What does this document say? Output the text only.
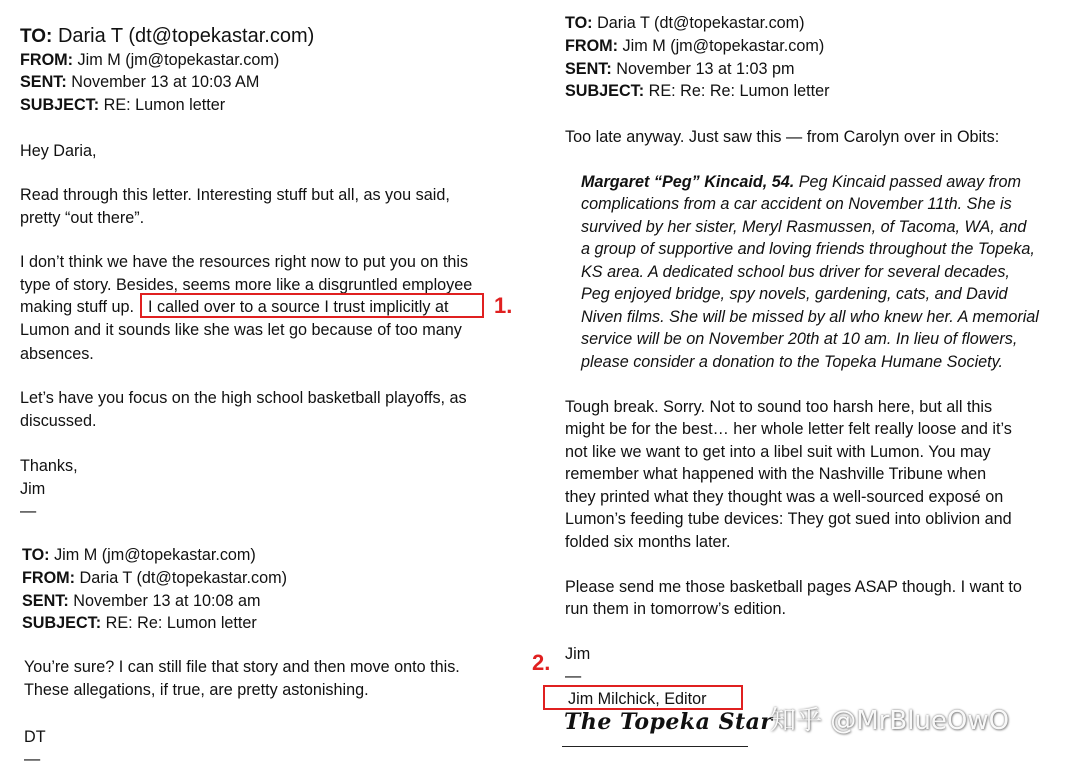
TO: Daria T (dt@topekastar.com)
FROM: Jim M (jm@topekastar.com)
SENT: November 13 at 10:03 AM
SUBJECT: RE: Lumon letter
Hey Daria,
Read through this letter. Interesting stuff but all, as you said,
pretty “out there”.
I don’t think we have the resources right now to put you on this
type of story. Besides, seems more like a disgruntled employee
making stuff up. I called over to a source I trust implicitly at 1.
Lumon and it sounds like she was let go because of too many
absences.
Let’s have you focus on the high school basketball playoffs, as
discussed.
Thanks,
Jim
—
TO: Jim M (jm@topekastar.com)
FROM: Daria T (dt@topekastar.com)
SENT: November 13 at 10:08 am
SUBJECT: RE: Re: Lumon letter
You’re sure? I can still file that story and then move onto this.
These allegations, if true, are pretty astonishing.
DT
—
TO: Daria T (dt@topekastar.com)
FROM: Jim M (jm@topekastar.com)
SENT: November 13 at 1:03 pm
SUBJECT: RE: Re: Re: Lumon letter
Too late anyway. Just saw this — from Carolyn over in Obits:
Margaret “Peg” Kincaid, 54. Peg Kincaid passed away from
complications from a car accident on November 11th. She is
survived by her sister, Meryl Rasmussen, of Tacoma, WA, and
a group of supportive and loving friends throughout the Topeka,
KS area. A dedicated school bus driver for several decades,
Peg enjoyed bridge, spy novels, gardening, cats, and David
Niven films. She will be missed by all who knew her. A memorial
service will be on November 20th at 10 am. In lieu of flowers,
please consider a donation to the Topeka Humane Society.
Tough break. Sorry. Not to sound too harsh here, but all this
might be for the best… her whole letter felt really loose and it’s
not like we want to get into a libel suit with Lumon. You may
remember what happened with the Nashville Tribune when
they printed what they thought was a well-sourced exposé on
Lumon’s feeding tube devices: They got sued into oblivion and
folded six months later.
Please send me those basketball pages ASAP though. I want to
run them in tomorrow’s edition.
2. Jim
—
Jim Milchick, Editor
The Topeka Star
知乎 @MrBlueOwO
